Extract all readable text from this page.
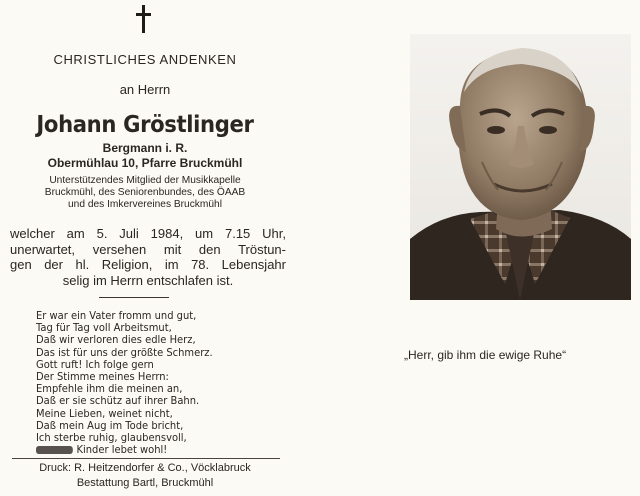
CHRISTLICHES ANDENKEN
an Herrn
Johann Gröstlinger
Bergmann i. R.
Obermühlau 10, Pfarre Bruckmühl
Unterstützendes Mitglied der Musikkapelle
Bruckmühl, des Seniorenbundes, des ÖAAB
und des Imkervereines Bruckmühl
welcher am 5. Juli 1984, um 7.15 Uhr,
unerwartet, versehen mit den Tröstun-
gen der hl. Religion, im 78. Lebensjahr
selig im Herrn entschlafen ist.
Er war ein Vater fromm und gut,
Tag für Tag voll Arbeitsmut,
Daß wir verloren dies edle Herz,
Das ist für uns der größte Schmerz.
Gott ruft! Ich folge gern
Der Stimme meines Herrn:
Empfehle ihm die meinen an,
Daß er sie schütz auf ihrer Bahn.
Meine Lieben, weinet nicht,
Daß mein Aug im Tode bricht,
Ich sterbe ruhig, glaubensvoll,
Kinder lebet wohl!
Druck: R. Heitzendorfer & Co., Vöcklabruck
Bestattung Bartl, Bruckmühl
„Herr, gib ihm die ewige Ruhe“
